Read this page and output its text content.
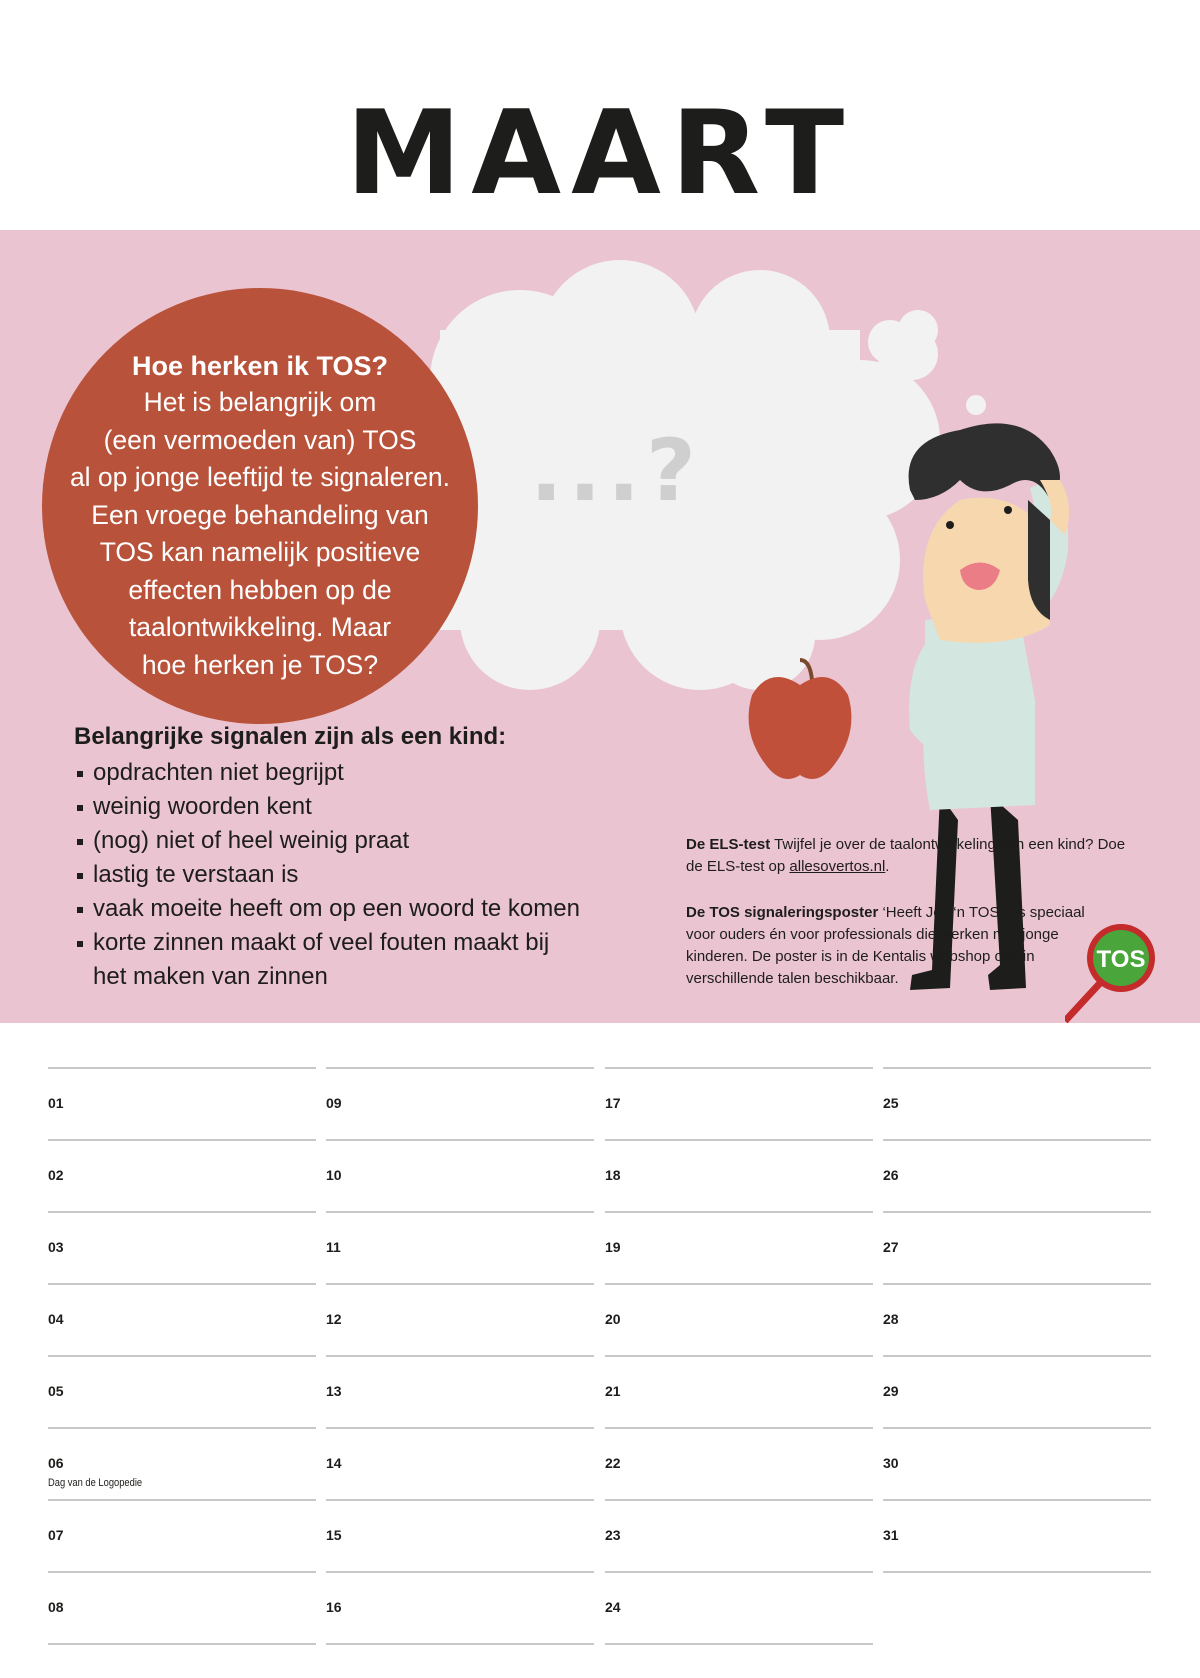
MAART
...?
Hoe herken ik TOS?
Het is belangrijk om
(een vermoeden van) TOS
al op jonge leeftijd te signaleren.
Een vroege behandeling van
TOS kan namelijk positieve
effecten hebben op de
taalontwikkeling. Maar
hoe herken je TOS?
Belangrijke signalen zijn als een kind:
opdrachten niet begrijpt
weinig woorden kent
(nog) niet of heel weinig praat
lastig te verstaan is
vaak moeite heeft om op een woord te komen
korte zinnen maakt of veel fouten maakt bij het maken van zinnen
De ELS-test Twijfel je over de taalontwikkeling van een kind? Doe de ELS-test op allesovertos.nl.
De TOS signaleringsposter ‘Heeft Jos ‘n TOS?’ is speciaal voor ouders én voor professionals die werken met jonge kinderen. De poster is in de Kentalis webshop ook in verschillende talen beschikbaar.
TOS
01
02
03
04
05
06
Dag van de Logopedie
07
08
09
10
11
12
13
14
15
16
17
18
19
20
21
22
23
24
25
26
27
28
29
30
31
